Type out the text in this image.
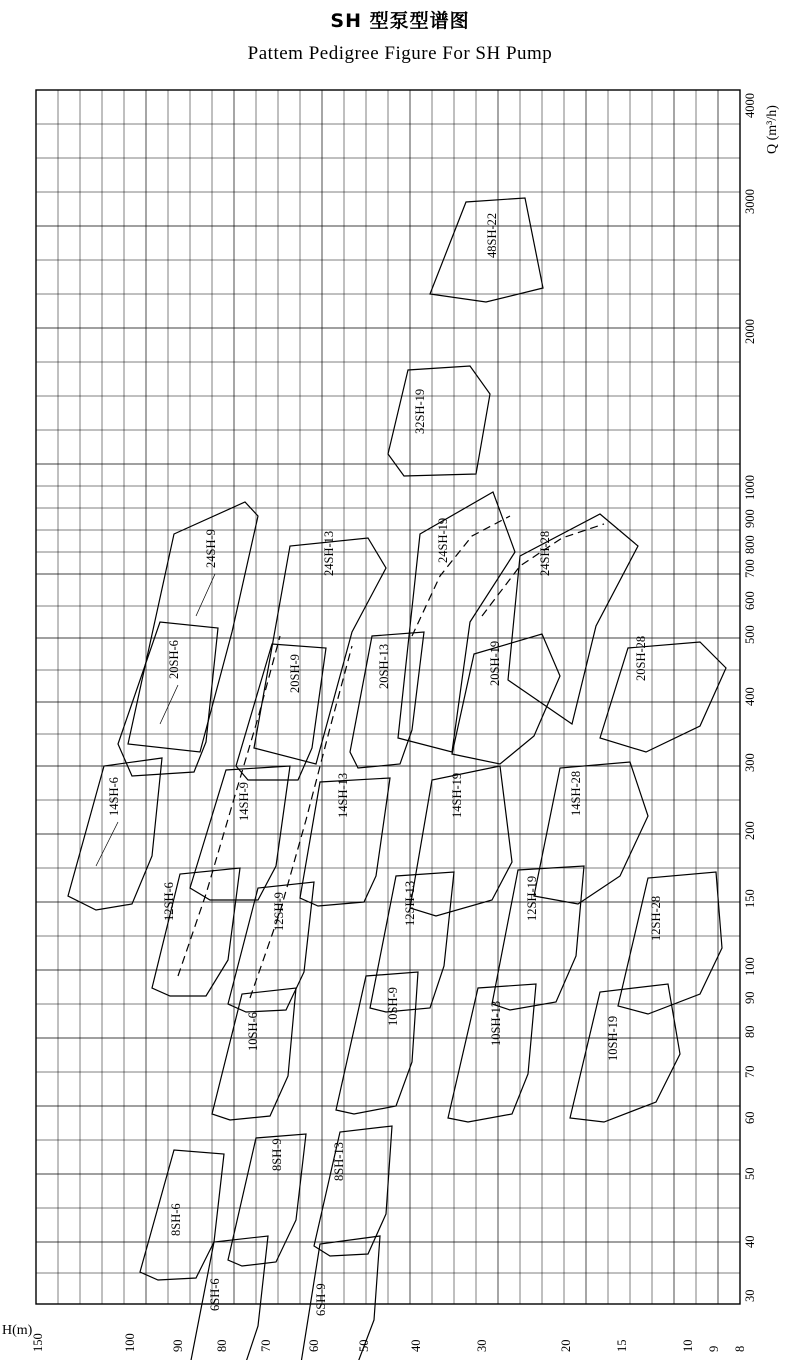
SH 型泵型谱图
Pattem Pedigree Figure For SH Pump
48SH-22
32SH-19
24SH-9	24SH-13	24SH-19	24SH-28
20SH-6	20SH-9	20SH-13	20SH-19	20SH-28
14SH-6	14SH-9	14SH-13	14SH-19	14SH-28
12SH-6	12SH-9	12SH-13	12SH-19	12SH-28
10SH-6
10SH-9	10SH-13	10SH-19
8SH-6
8SH-9	8SH-13
6SH-6	6SH-9	30
40
50
60
70
80
90
100
150
200
300
400
500
600
700
800
900
1000
2000
3000
4000 Q (m³/h)
150	100	90 80 70	60	50	40	30	20	15	10 9 8
H(m)
